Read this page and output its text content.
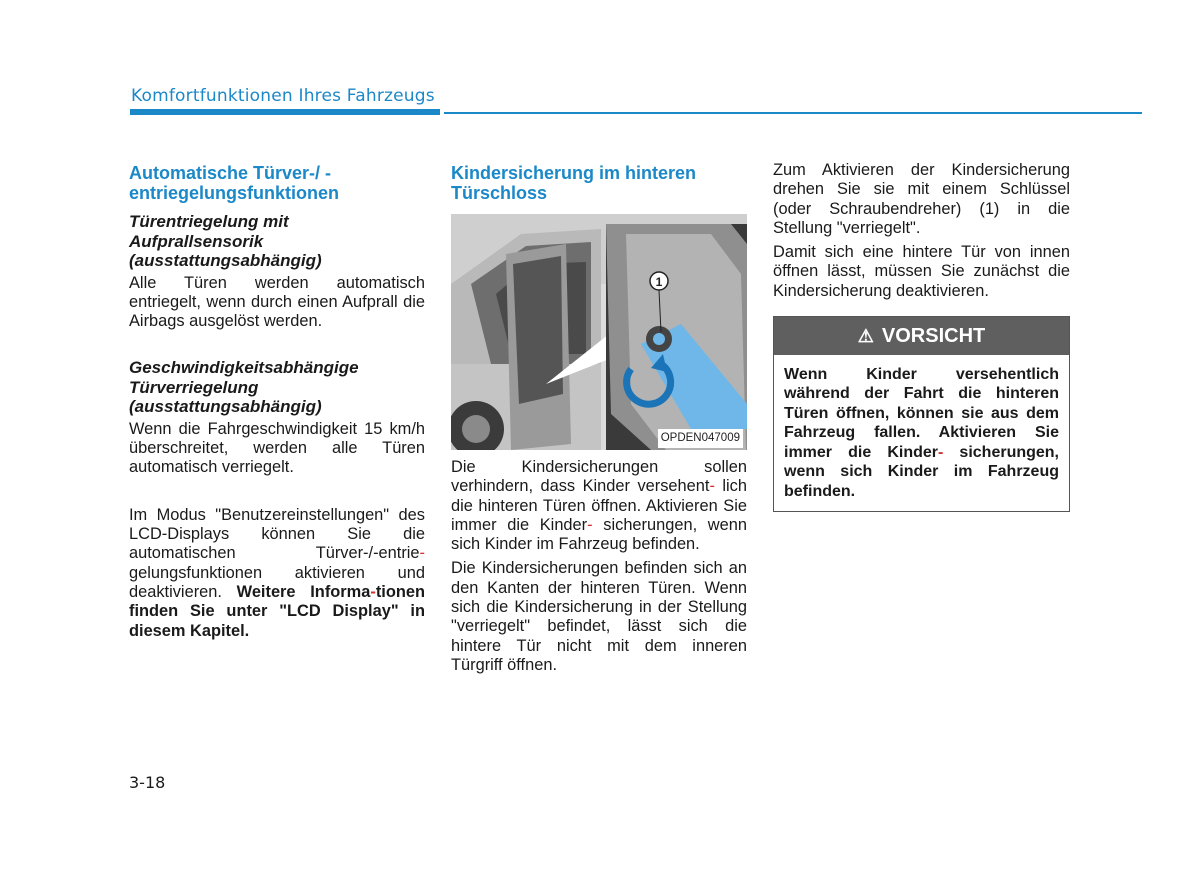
Komfortfunktionen Ihres Fahrzeugs
Automatische Türver-/ -entriegelungsfunktionen
Türentriegelung mit Aufprallsensorik (ausstattungsabhängig)

Alle Türen werden automatisch entriegelt, wenn durch einen Aufprall die Airbags ausgelöst werden.

Geschwindigkeitsabhängige Türverriegelung (ausstattungsabhängig)

Wenn die Fahrgeschwindigkeit 15 km/h überschreitet, werden alle Türen automatisch verriegelt.

Im Modus "Benutzereinstellungen" des LCD-Displays können Sie die automatischen Türver-/-entrie-gelungsfunktionen aktivieren und deaktivieren. Weitere Informa-tionen finden Sie unter "LCD Display" in diesem Kapitel.

Kindersicherung im hinteren Türschloss
1
OPDEN047009

Die Kindersicherungen sollen verhindern, dass Kinder versehent- lich die hinteren Türen öffnen. Aktivieren Sie immer die Kinder- sicherungen, wenn sich Kinder im Fahrzeug befinden.

Die Kindersicherungen befinden sich an den Kanten der hinteren Türen. Wenn sich die Kindersicherung in der Stellung "verriegelt" befindet, lässt sich die hintere Tür nicht mit dem inneren Türgriff öffnen.

Zum Aktivieren der Kindersicherung drehen Sie sie mit einem Schlüssel (oder Schraubendreher) (1) in die Stellung "verriegelt".

Damit sich eine hintere Tür von innen öffnen lässt, müssen Sie zunächst die Kindersicherung deaktivieren.

⚠ VORSICHT
Wenn Kinder versehentlich während der Fahrt die hinteren Türen öffnen, können sie aus dem Fahrzeug fallen. Aktivieren Sie immer die Kinder- sicherungen, wenn sich Kinder im Fahrzeug befinden.
3-18
